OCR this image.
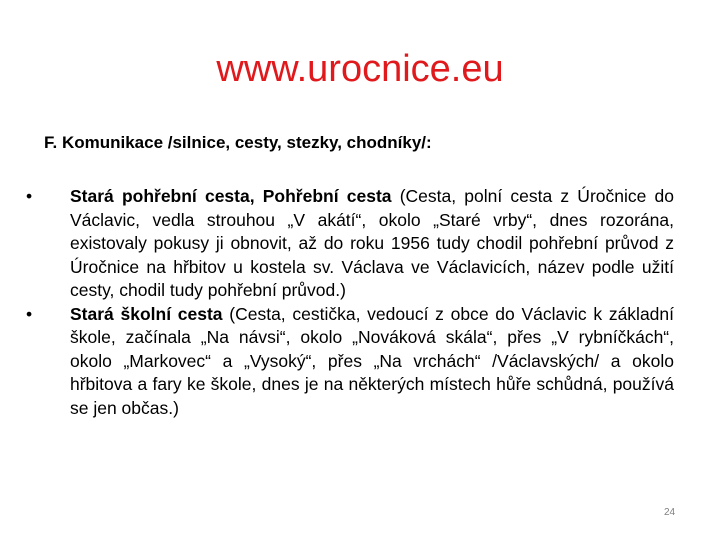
www.urocnice.eu
F. Komunikace /silnice, cesty, stezky, chodníky/:
•	Stará pohřební cesta, Pohřební cesta (Cesta, polní cesta z Úročnice do Václavic, vedla strouhou „V akátí“, okolo „Staré vrby“, dnes rozorána, existovaly pokusy ji obnovit, až do roku 1956 tudy chodil pohřební průvod z Úročnice na hřbitov u kostela sv. Václava ve Václavicích, název podle užití cesty, chodil tudy pohřební průvod.)
•	Stará školní cesta (Cesta, cestička, vedoucí z obce do Václavic k základní škole, začínala „Na návsi“, okolo „Nováková skála“, přes „V rybníčkách“, okolo „Markovec“ a „Vysoký“, přes „Na vrchách“ /Václavských/ a okolo hřbitova a fary ke škole, dnes je na některých místech hůře schůdná, používá se jen občas.)
24
